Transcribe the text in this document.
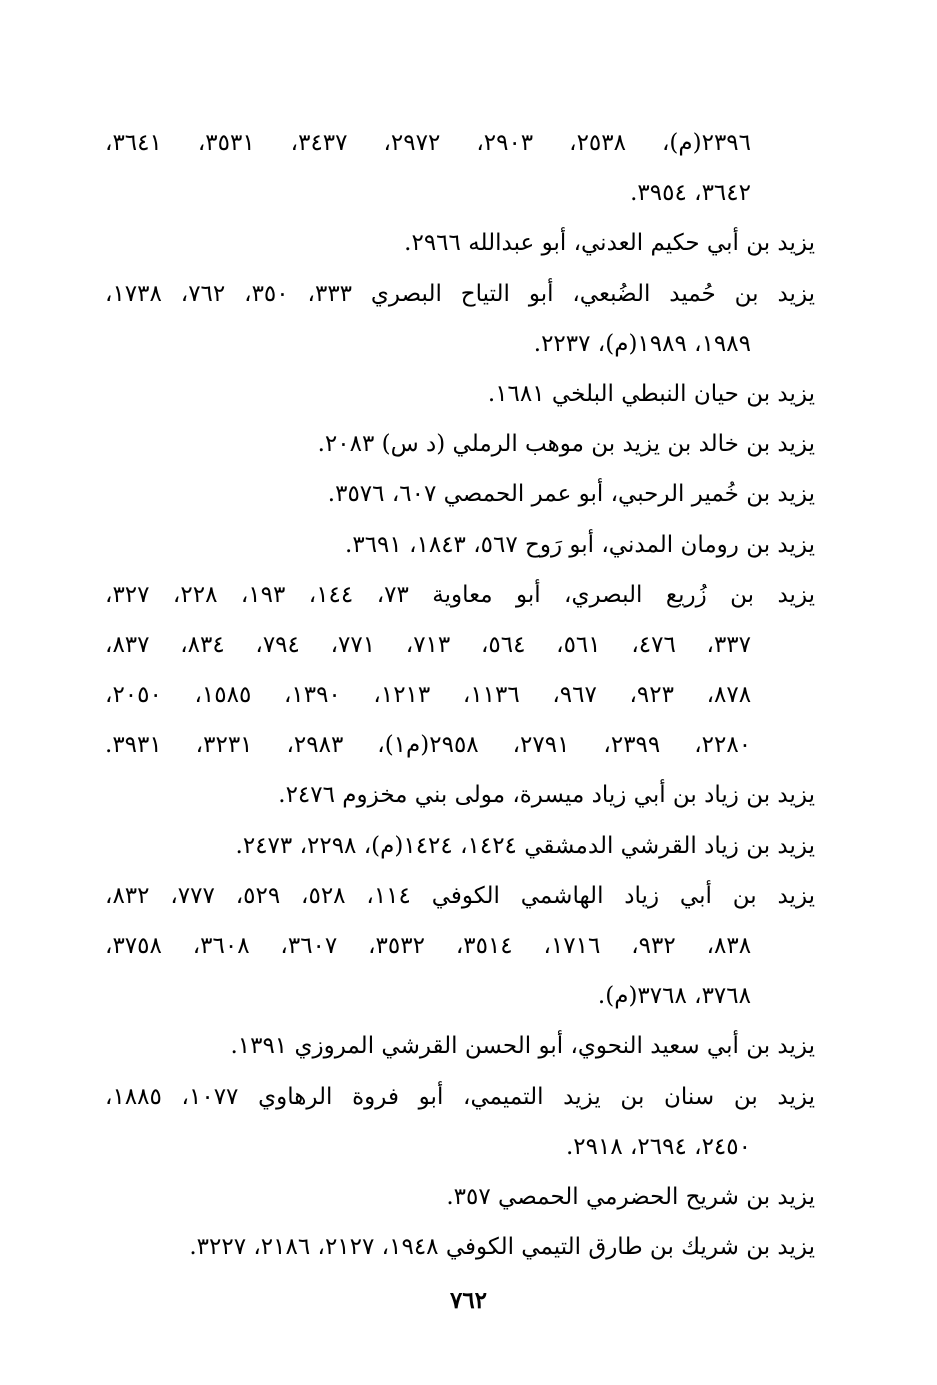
٢٣٩٦(م)، ٢٥٣٨، ٢٩٠٣، ٢٩٧٢، ٣٤٣٧، ٣٥٣١، ٣٦٤١،
٣٦٤٢، ٣٩٥٤.
يزيد بن أبي حكيم العدني، أبو عبدالله ٢٩٦٦.
يزيد بن حُميد الضُبعي، أبو التياح البصري ٣٣٣، ٣٥٠، ٧٦٢، ١٧٣٨،
١٩٨٩، ١٩٨٩(م)، ٢٢٣٧.
يزيد بن حيان النبطي البلخي ١٦٨١.
يزيد بن خالد بن يزيد بن موهب الرملي (د س) ٢٠٨٣.
يزيد بن خُمير الرحبي، أبو عمر الحمصي ٦٠٧، ٣٥٧٦.
يزيد بن رومان المدني، أبو رَوح ٥٦٧، ١٨٤٣، ٣٦٩١.
يزيد بن زُريع البصري، أبو معاوية ٧٣، ١٤٤، ١٩٣، ٢٢٨، ٣٢٧،
٣٣٧، ٤٧٦، ٥٦١، ٥٦٤، ٧١٣، ٧٧١، ٧٩٤، ٨٣٤، ٨٣٧،
٨٧٨، ٩٢٣، ٩٦٧، ١١٣٦، ١٢١٣، ١٣٩٠، ١٥٨٥، ٢٠٥٠،
٢٢٨٠، ٢٣٩٩، ٢٧٩١، ٢٩٥٨(م١)، ٢٩٨٣، ٣٢٣١، ٣٩٣١.
يزيد بن زياد بن أبي زياد ميسرة، مولى بني مخزوم ٢٤٧٦.
يزيد بن زياد القرشي الدمشقي ١٤٢٤، ١٤٢٤(م)، ٢٢٩٨، ٢٤٧٣.
يزيد بن أبي زياد الهاشمي الكوفي ١١٤، ٥٢٨، ٥٢٩، ٧٧٧، ٨٣٢،
٨٣٨، ٩٣٢، ١٧١٦، ٣٥١٤، ٣٥٣٢، ٣٦٠٧، ٣٦٠٨، ٣٧٥٨،
٣٧٦٨، ٣٧٦٨(م).
يزيد بن أبي سعيد النحوي، أبو الحسن القرشي المروزي ١٣٩١.
يزيد بن سنان بن يزيد التميمي، أبو فروة الرهاوي ١٠٧٧، ١٨٨٥،
٢٤٥٠، ٢٦٩٤، ٢٩١٨.
يزيد بن شريح الحضرمي الحمصي ٣٥٧.
يزيد بن شريك بن طارق التيمي الكوفي ١٩٤٨، ٢١٢٧، ٢١٨٦، ٣٢٢٧.
٧٦٢
